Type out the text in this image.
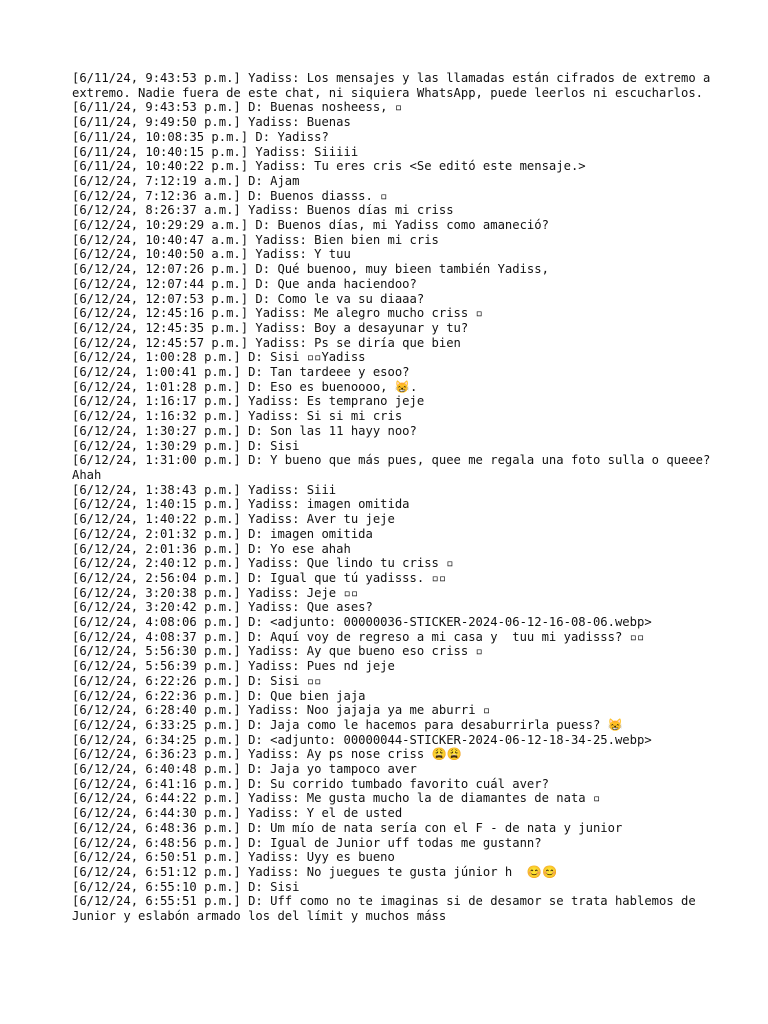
[6/11/24, 9:43:53 p.m.] Yadiss: Los mensajes y las llamadas están cifrados de extremo a extremo. Nadie fuera de este chat, ni siquiera WhatsApp, puede leerlos ni escucharlos.
[6/11/24, 9:43:53 p.m.] D: Buenas nosheess, ▫
[6/11/24, 9:49:50 p.m.] Yadiss: Buenas
[6/11/24, 10:08:35 p.m.] D: Yadiss?
[6/11/24, 10:40:15 p.m.] Yadiss: Siiiii
[6/11/24, 10:40:22 p.m.] Yadiss: Tu eres cris <Se editó este mensaje.>
[6/12/24, 7:12:19 a.m.] D: Ajam
[6/12/24, 7:12:36 a.m.] D: Buenos diasss. ▫
[6/12/24, 8:26:37 a.m.] Yadiss: Buenos días mi criss
[6/12/24, 10:29:29 a.m.] D: Buenos días, mi Yadiss como amaneció?
[6/12/24, 10:40:47 a.m.] Yadiss: Bien bien mi cris
[6/12/24, 10:40:50 a.m.] Yadiss: Y tuu
[6/12/24, 12:07:26 p.m.] D: Qué buenoo, muy bieen también Yadiss,
[6/12/24, 12:07:44 p.m.] D: Que anda haciendoo?
[6/12/24, 12:07:53 p.m.] D: Como le va su diaaa?
[6/12/24, 12:45:16 p.m.] Yadiss: Me alegro mucho criss ▫
[6/12/24, 12:45:35 p.m.] Yadiss: Boy a desayunar y tu?
[6/12/24, 12:45:57 p.m.] Yadiss: Ps se diría que bien
[6/12/24, 1:00:28 p.m.] D: Sisi ▫▫Yadiss
[6/12/24, 1:00:41 p.m.] D: Tan tardeee y esoo?
[6/12/24, 1:01:28 p.m.] D: Eso es buenoooo, 😸.
[6/12/24, 1:16:17 p.m.] Yadiss: Es temprano jeje
[6/12/24, 1:16:32 p.m.] Yadiss: Si si mi cris
[6/12/24, 1:30:27 p.m.] D: Son las 11 hayy noo?
[6/12/24, 1:30:29 p.m.] D: Sisi
[6/12/24, 1:31:00 p.m.] D: Y bueno que más pues, quee me regala una foto sulla o queee? Ahah
[6/12/24, 1:38:43 p.m.] Yadiss: Siii
[6/12/24, 1:40:15 p.m.] Yadiss: imagen omitida
[6/12/24, 1:40:22 p.m.] Yadiss: Aver tu jeje
[6/12/24, 2:01:32 p.m.] D: imagen omitida
[6/12/24, 2:01:36 p.m.] D: Yo ese ahah
[6/12/24, 2:40:12 p.m.] Yadiss: Que lindo tu criss ▫
[6/12/24, 2:56:04 p.m.] D: Igual que tú yadisss. ▫▫
[6/12/24, 3:20:38 p.m.] Yadiss: Jeje ▫▫
[6/12/24, 3:20:42 p.m.] Yadiss: Que ases?
[6/12/24, 4:08:06 p.m.] D: <adjunto: 00000036-STICKER-2024-06-12-16-08-06.webp>
[6/12/24, 4:08:37 p.m.] D: Aquí voy de regreso a mi casa y  tuu mi yadisss? ▫▫
[6/12/24, 5:56:30 p.m.] Yadiss: Ay que bueno eso criss ▫
[6/12/24, 5:56:39 p.m.] Yadiss: Pues nd jeje
[6/12/24, 6:22:26 p.m.] D: Sisi ▫▫
[6/12/24, 6:22:36 p.m.] D: Que bien jaja
[6/12/24, 6:28:40 p.m.] Yadiss: Noo jajaja ya me aburri ▫
[6/12/24, 6:33:25 p.m.] D: Jaja como le hacemos para desaburrirla puess? 😸
[6/12/24, 6:34:25 p.m.] D: <adjunto: 00000044-STICKER-2024-06-12-18-34-25.webp>
[6/12/24, 6:36:23 p.m.] Yadiss: Ay ps nose criss 😩😩
[6/12/24, 6:40:48 p.m.] D: Jaja yo tampoco aver
[6/12/24, 6:41:16 p.m.] D: Su corrido tumbado favorito cuál aver?
[6/12/24, 6:44:22 p.m.] Yadiss: Me gusta mucho la de diamantes de nata ▫
[6/12/24, 6:44:30 p.m.] Yadiss: Y el de usted
[6/12/24, 6:48:36 p.m.] D: Um mío de nata sería con el F - de nata y junior
[6/12/24, 6:48:56 p.m.] D: Igual de Junior uff todas me gustann?
[6/12/24, 6:50:51 p.m.] Yadiss: Uyy es bueno
[6/12/24, 6:51:12 p.m.] Yadiss: No juegues te gusta júnior h  😊😊
[6/12/24, 6:55:10 p.m.] D: Sisi
[6/12/24, 6:55:51 p.m.] D: Uff como no te imaginas si de desamor se trata hablemos de Junior y eslabón armado los del límit y muchos máss
